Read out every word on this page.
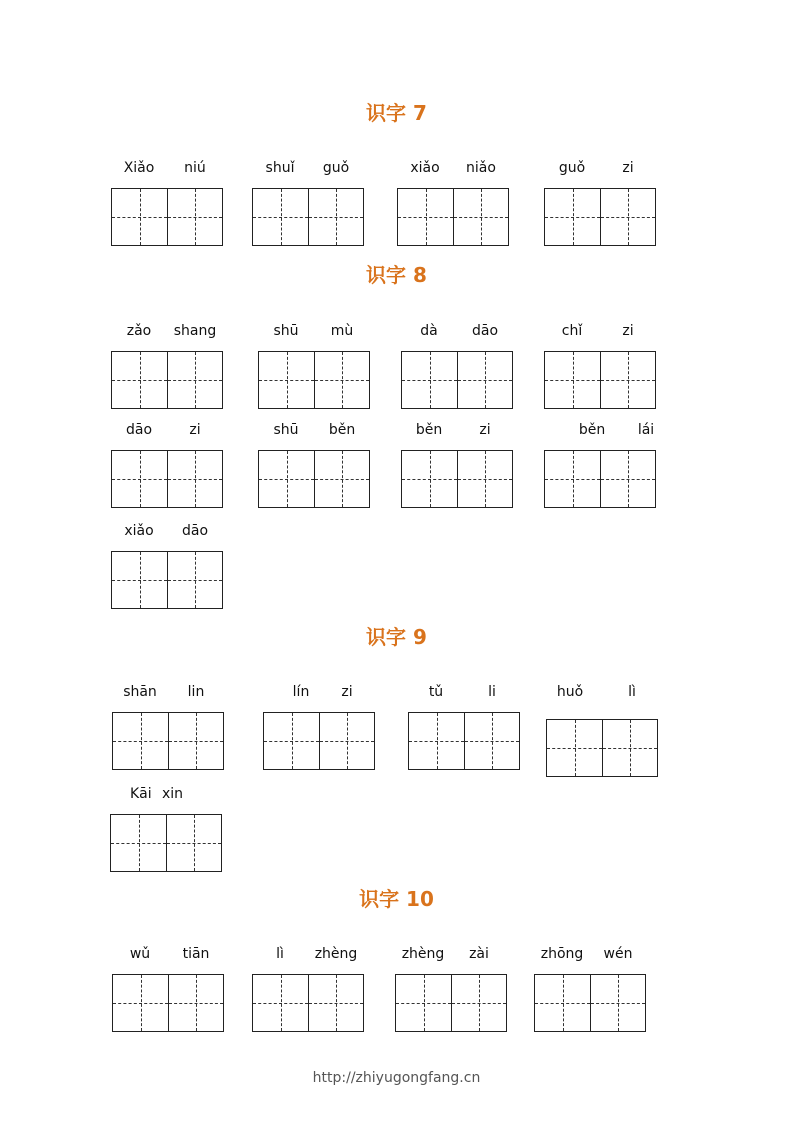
识字 7
Xiǎo	niú	shuǐ	guǒ	xiǎo	niǎo	guǒ	zi
识字 8
zǎo	shang	shū	mù	dà	dāo	chǐ	zi
dāo	zi	shū	běn	běn	zi	běn	lái
xiǎo	dāo
识字 9
shān	lin	lín	zi	tǔ	li	huǒ	lì
Kāi xin
识字 10
wǔ	tiān	lì	zhèng	zhèng	zài	zhōng	wén
http://zhiyugongfang.cn
